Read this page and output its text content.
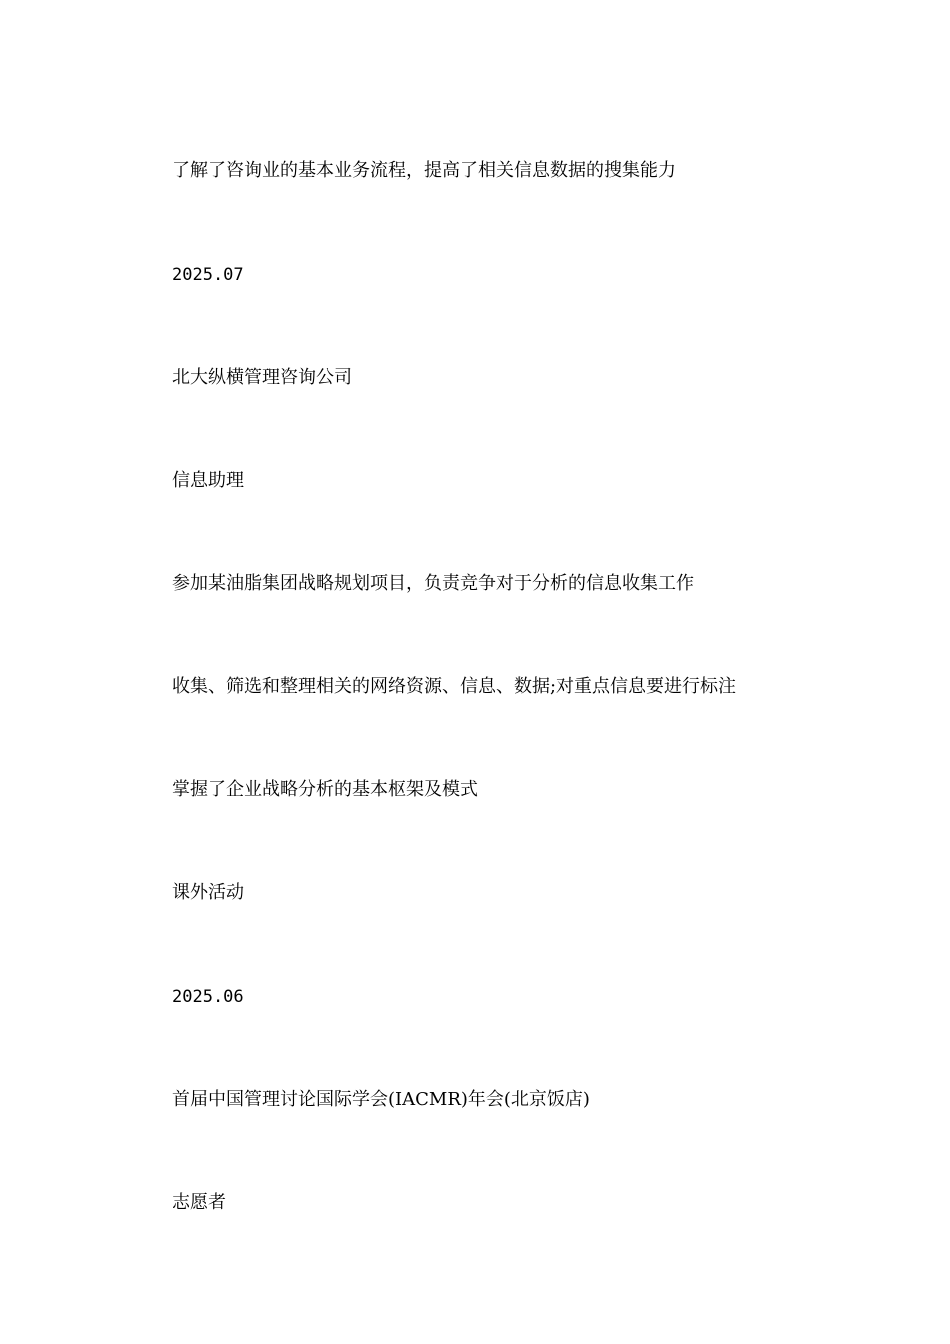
了解了咨询业的基本业务流程，提高了相关信息数据的搜集能力
2025.07
北大纵横管理咨询公司
信息助理
参加某油脂集团战略规划项目，负责竞争对于分析的信息收集工作
收集、筛选和整理相关的网络资源、信息、数据;对重点信息要进行标注
掌握了企业战略分析的基本枢架及模式
课外活动
2025.06
首届中国管理讨论国际学会(IACMR)年会(北京饭店)
志愿者
